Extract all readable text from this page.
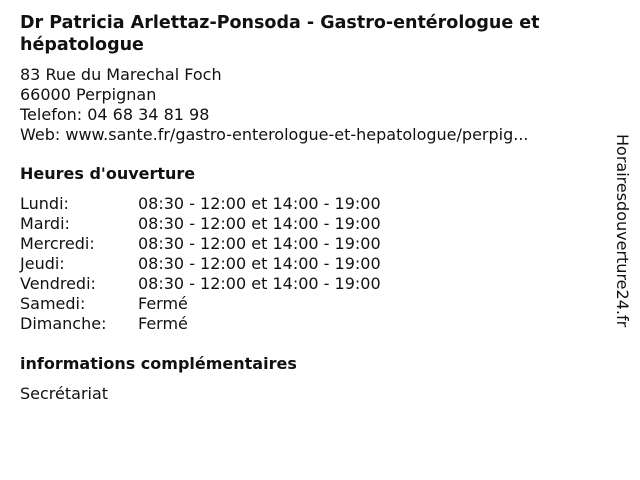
Dr Patricia Arlettaz-Ponsoda - Gastro-entérologue et hépatologue
83 Rue du Marechal Foch
66000 Perpignan
Telefon: 04 68 34 81 98
Web: www.sante.fr/gastro-enterologue-et-hepatologue/perpig...
Heures d'ouverture
Lundi:	08:30 - 12:00 et 14:00 - 19:00
Mardi:	08:30 - 12:00 et 14:00 - 19:00
Mercredi:	08:30 - 12:00 et 14:00 - 19:00
Jeudi:	08:30 - 12:00 et 14:00 - 19:00
Vendredi:	08:30 - 12:00 et 14:00 - 19:00
Samedi:	Fermé
Dimanche:	Fermé
informations complémentaires
Secrétariat
Horairesdouverture24.fr
